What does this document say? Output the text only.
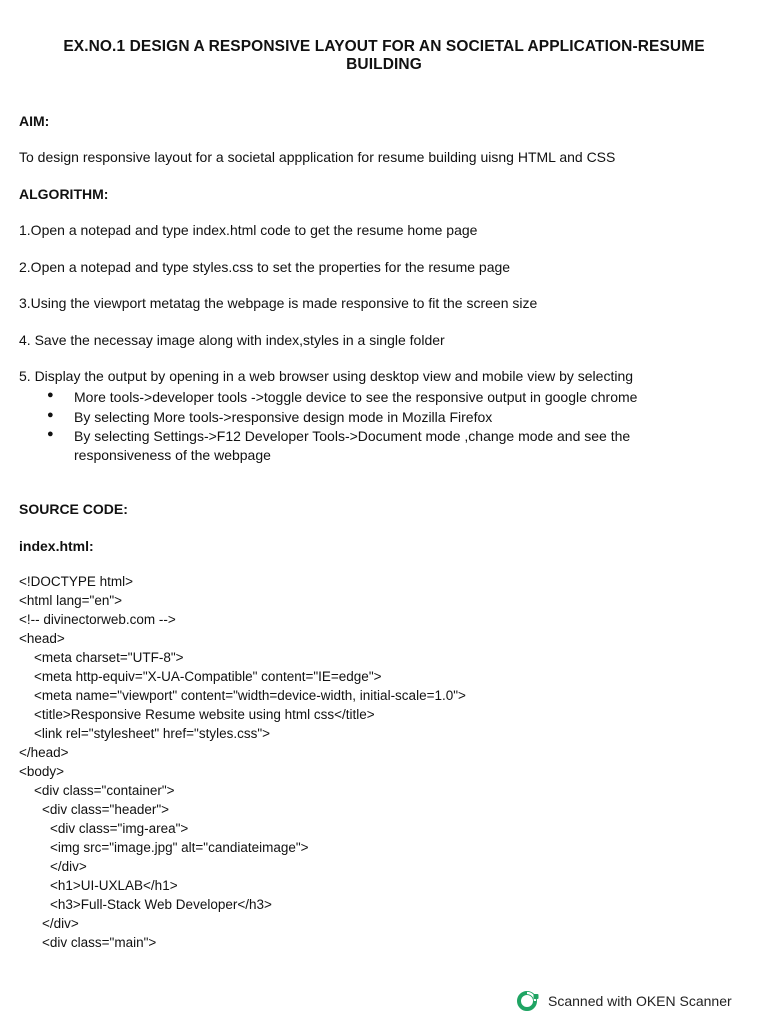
EX.NO.1 DESIGN A RESPONSIVE LAYOUT FOR AN SOCIETAL APPLICATION-RESUME
BUILDING
AIM:
To design responsive layout for a societal appplication for resume building uisng HTML and CSS
ALGORITHM:
1.Open a notepad and type index.html code to get the resume home page
2.Open a notepad and type styles.css to set the properties for the resume page
3.Using the viewport metatag the webpage is made responsive to fit the screen size
4. Save the necessay image along with index,styles in a single folder
5. Display the output by opening in a web browser using desktop view and mobile view by selecting
● More tools->developer tools ->toggle device to see the responsive output in google chrome
● By selecting More tools->responsive design mode in Mozilla Firefox
● By selecting Settings->F12 Developer Tools->Document mode ,change mode and see the
responsiveness of the webpage
SOURCE CODE:
index.html:
<!DOCTYPE html>
<html lang="en">
<!-- divinectorweb.com -->
<head>
<meta charset="UTF-8">
<meta http-equiv="X-UA-Compatible" content="IE=edge">
<meta name="viewport" content="width=device-width, initial-scale=1.0">
<title>Responsive Resume website using html css</title>
<link rel="stylesheet" href="styles.css">
</head>
<body>
<div class="container">
<div class="header">
<div class="img-area">
<img src="image.jpg" alt="candiateimage">
</div>
<h1>UI-UXLAB</h1>
<h3>Full-Stack Web Developer</h3>
</div>
<div class="main">
Scanned with OKEN Scanner
